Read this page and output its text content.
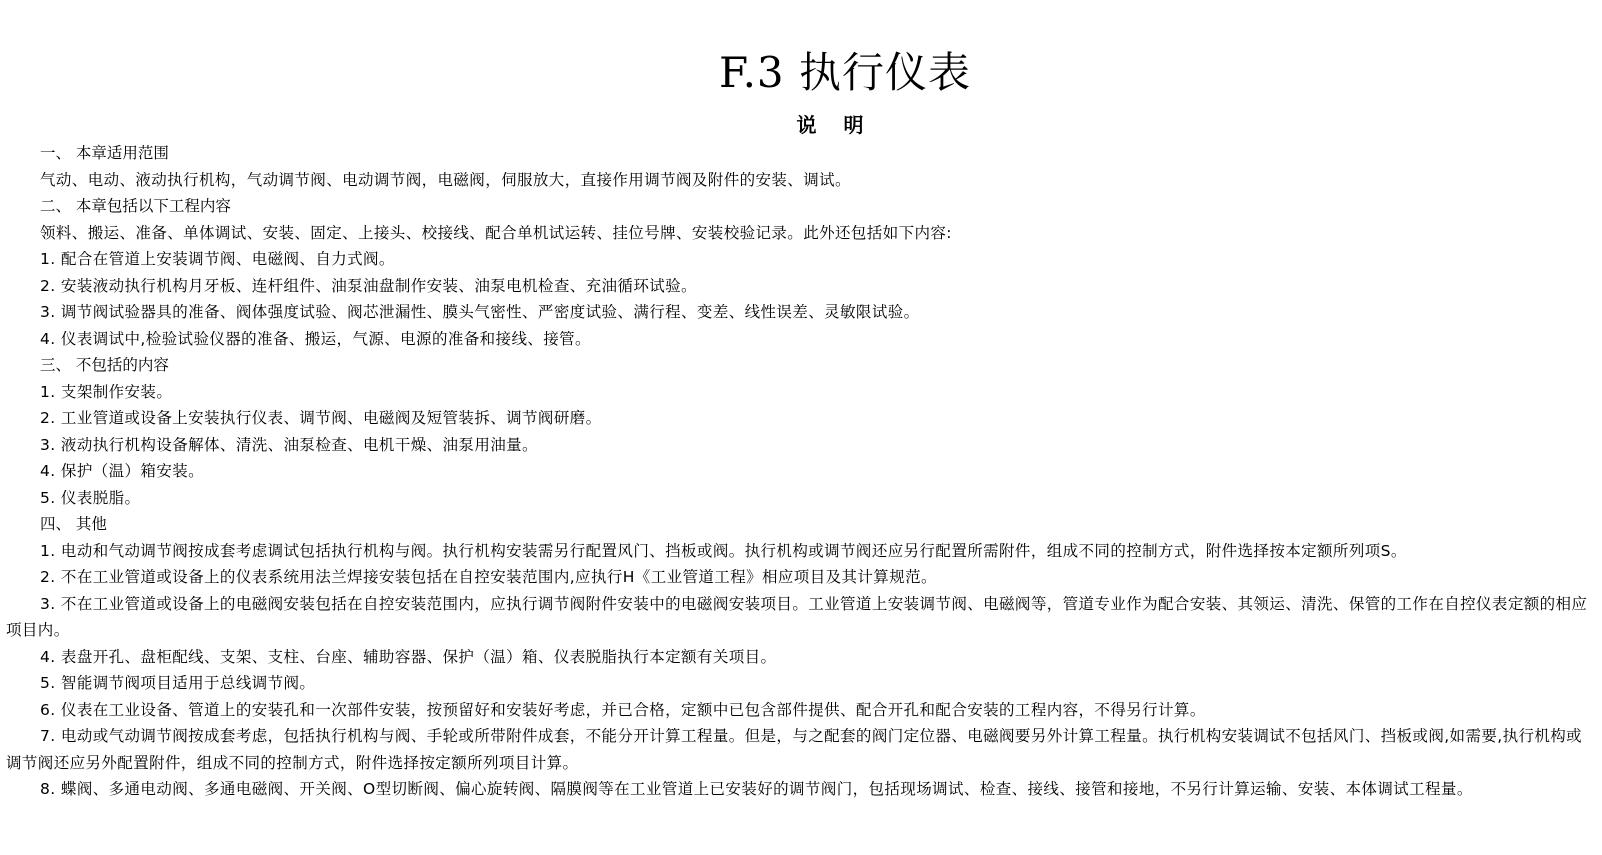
F.3 执行仪表
说 明
一、 本章适用范围
气动、电动、液动执行机构，气动调节阀、电动调节阀，电磁阀，伺服放大，直接作用调节阀及附件的安装、调试。
二、 本章包括以下工程内容
领料、搬运、准备、单体调试、安装、固定、上接头、校接线、配合单机试运转、挂位号牌、安装校验记录。此外还包括如下内容:
1. 配合在管道上安装调节阀、电磁阀、自力式阀。
2. 安装液动执行机构月牙板、连杆组件、油泵油盘制作安装、油泵电机检查、充油循环试验。
3. 调节阀试验器具的准备、阀体强度试验、阀芯泄漏性、膜头气密性、严密度试验、满行程、变差、线性误差、灵敏限试验。
4. 仪表调试中,检验试验仪器的准备、搬运，气源、电源的准备和接线、接管。
三、 不包括的内容
1. 支架制作安装。
2. 工业管道或设备上安装执行仪表、调节阀、电磁阀及短管装拆、调节阀研磨。
3. 液动执行机构设备解体、清洗、油泵检查、电机干燥、油泵用油量。
4. 保护（温）箱安装。
5. 仪表脱脂。
四、 其他
1. 电动和气动调节阀按成套考虑调试包括执行机构与阀。执行机构安装需另行配置风门、挡板或阀。执行机构或调节阀还应另行配置所需附件，组成不同的控制方式，附件选择按本定额所列项S。
2. 不在工业管道或设备上的仪表系统用法兰焊接安装包括在自控安装范围内,应执行H《工业管道工程》相应项目及其计算规范。
3. 不在工业管道或设备上的电磁阀安装包括在自控安装范围内，应执行调节阀附件安装中的电磁阀安装项目。工业管道上安装调节阀、电磁阀等，管道专业作为配合安装、其领运、清洗、保管的工作在自控仪表定额的相应项目内。
4. 表盘开孔、盘柜配线、支架、支柱、台座、辅助容器、保护（温）箱、仪表脱脂执行本定额有关项目。
5. 智能调节阀项目适用于总线调节阀。
6. 仪表在工业设备、管道上的安装孔和一次部件安装，按预留好和安装好考虑，并已合格，定额中已包含部件提供、配合开孔和配合安装的工程内容，不得另行计算。
7. 电动或气动调节阀按成套考虑，包括执行机构与阀、手轮或所带附件成套，不能分开计算工程量。但是，与之配套的阀门定位器、电磁阀要另外计算工程量。执行机构安装调试不包括风门、挡板或阀,如需要,执行机构或调节阀还应另外配置附件，组成不同的控制方式，附件选择按定额所列项目计算。
8. 蝶阀、多通电动阀、多通电磁阀、开关阀、O型切断阀、偏心旋转阀、隔膜阀等在工业管道上已安装好的调节阀门，包括现场调试、检查、接线、接管和接地，不另行计算运输、安装、本体调试工程量。
